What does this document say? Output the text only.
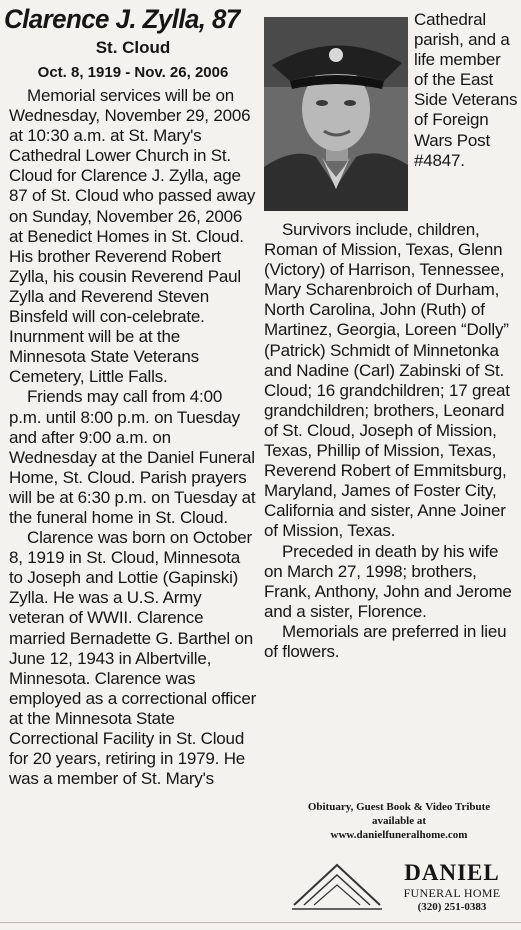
Clarence J. Zylla, 87
St. Cloud
Oct. 8, 1919 - Nov. 26, 2006

Cathedral parish, and a life member of the East Side Veterans of Foreign Wars Post #4847.

Memorial services will be on Wednesday, November 29, 2006 at 10:30 a.m. at St. Mary's Cathedral Lower Church in St. Cloud for Clarence J. Zylla, age 87 of St. Cloud who passed away on Sunday, November 26, 2006 at Benedict Homes in St. Cloud. His brother Reverend Robert Zylla, his cousin Reverend Paul Zylla and Reverend Steven Binsfeld will con-celebrate. Inurnment will be at the Minnesota State Veterans Cemetery, Little Falls.
Friends may call from 4:00 p.m. until 8:00 p.m. on Tuesday and after 9:00 a.m. on Wednesday at the Daniel Funeral Home, St. Cloud. Parish prayers will be at 6:30 p.m. on Tuesday at the funeral home in St. Cloud.
Clarence was born on October 8, 1919 in St. Cloud, Minnesota to Joseph and Lottie (Gapinski) Zylla. He was a U.S. Army veteran of WWII. Clarence married Bernadette G. Barthel on June 12, 1943 in Albertville, Minnesota. Clarence was employed as a correctional officer at the Minnesota State Correctional Facility in St. Cloud for 20 years, retiring in 1979. He was a member of St. Mary's
Survivors include, children, Roman of Mission, Texas, Glenn (Victory) of Harrison, Tennessee, Mary Scharenbroich of Durham, North Carolina, John (Ruth) of Martinez, Georgia, Loreen “Dolly” (Patrick) Schmidt of Minnetonka and Nadine (Carl) Zabinski of St. Cloud; 16 grandchildren; 17 great grandchildren; brothers, Leonard of St. Cloud, Joseph of Mission, Texas, Phillip of Mission, Texas, Reverend Robert of Emmitsburg, Maryland, James of Foster City, California and sister, Anne Joiner of Mission, Texas.
Preceded in death by his wife on March 27, 1998; brothers, Frank, Anthony, John and Jerome and a sister, Florence.
Memorials are preferred in lieu of flowers.
Obituary, Guest Book & Video Tribute
available at
www.danielfuneralhome.com
DANIEL
FUNERAL HOME
(320) 251-0383
